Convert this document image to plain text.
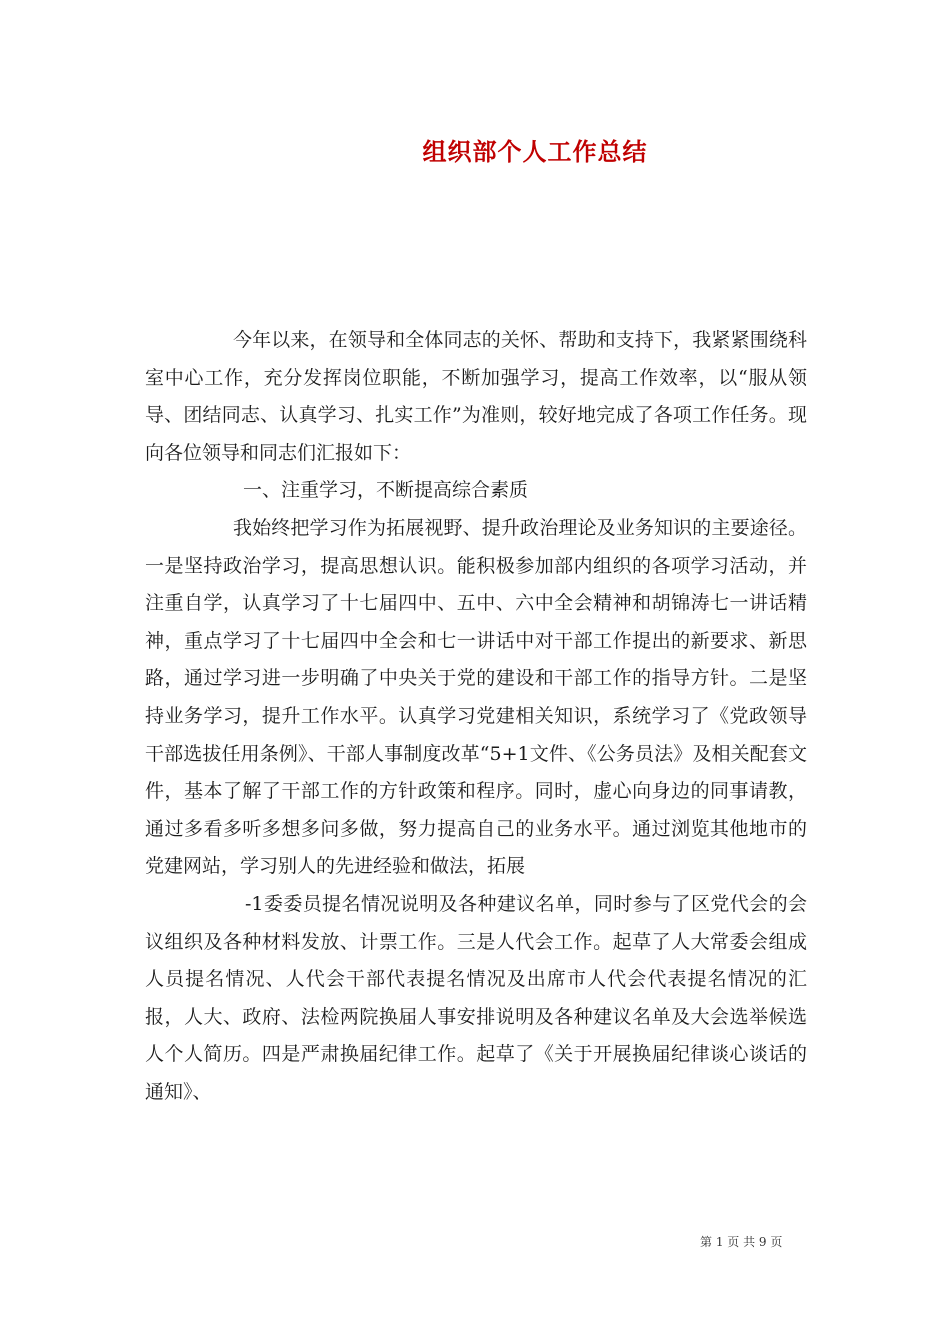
组织部个人工作总结

今年以来，在领导和全体同志的关怀、帮助和支持下，我紧紧围绕科室中心工作，充分发挥岗位职能，不断加强学习，提高工作效率，以“服从领导、团结同志、认真学习、扎实工作”为准则，较好地完成了各项工作任务。现向各位领导和同志们汇报如下：

一、注重学习，不断提高综合素质

我始终把学习作为拓展视野、提升政治理论及业务知识的主要途径。一是坚持政治学习，提高思想认识。能积极参加部内组织的各项学习活动，并注重自学，认真学习了十七届四中、五中、六中全会精神和胡锦涛七一讲话精神，重点学习了十七届四中全会和七一讲话中对干部工作提出的新要求、新思路，通过学习进一步明确了中央关于党的建设和干部工作的指导方针。二是坚持业务学习，提升工作水平。认真学习党建相关知识，系统学习了《党政领导干部选拔任用条例》、干部人事制度改革“5+1文件、《公务员法》及相关配套文件，基本了解了干部工作的方针政策和程序。同时，虚心向身边的同事请教，通过多看多听多想多问多做，努力提高自己的业务水平。通过浏览其他地市的党建网站，学习别人的先进经验和做法，拓展

-1委委员提名情况说明及各种建议名单，同时参与了区党代会的会议组织及各种材料发放、计票工作。三是人代会工作。起草了人大常委会组成人员提名情况、人代会干部代表提名情况及出席市人代会代表提名情况的汇报，人大、政府、法检两院换届人事安排说明及各种建议名单及大会选举候选人个人简历。四是严肃换届纪律工作。起草了《关于开展换届纪律谈心谈话的通知》、

第 1 页 共 9 页
